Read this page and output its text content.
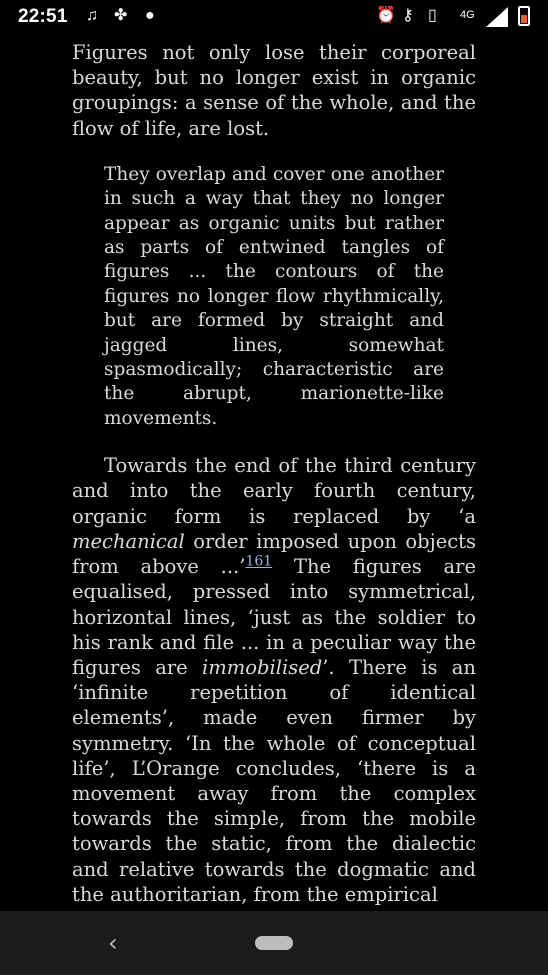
22:51 ♫ ✤ ●	⏰ ⚷ ▯ 4G

Figures not only lose their corporeal beauty, but no longer exist in organic groupings: a sense of the whole, and the flow of life, are lost.

They overlap and cover one another in such a way that they no longer appear as organic units but rather as parts of entwined tangles of figures ... the contours of the figures no longer flow rhythmically, but are formed by straight and jagged lines, somewhat spasmodically; characteristic are the abrupt, marionette-like movements.

Towards the end of the third century and into the early fourth century, organic form is replaced by ‘a mechanical order imposed upon objects from above ...’$^{161}$ The figures are equalised, pressed into symmetrical, horizontal lines, ‘just as the soldier to his rank and file ... in a peculiar way the figures are immobilised’. There is an ‘infinite repetition of identical elements’, made even firmer by symmetry. ‘In the whole of conceptual life’, L’Orange concludes, ‘there is a movement away from the complex towards the simple, from the mobile towards the static, from the dialectic and relative towards the dogmatic and the authoritarian, from the empirical

‹
